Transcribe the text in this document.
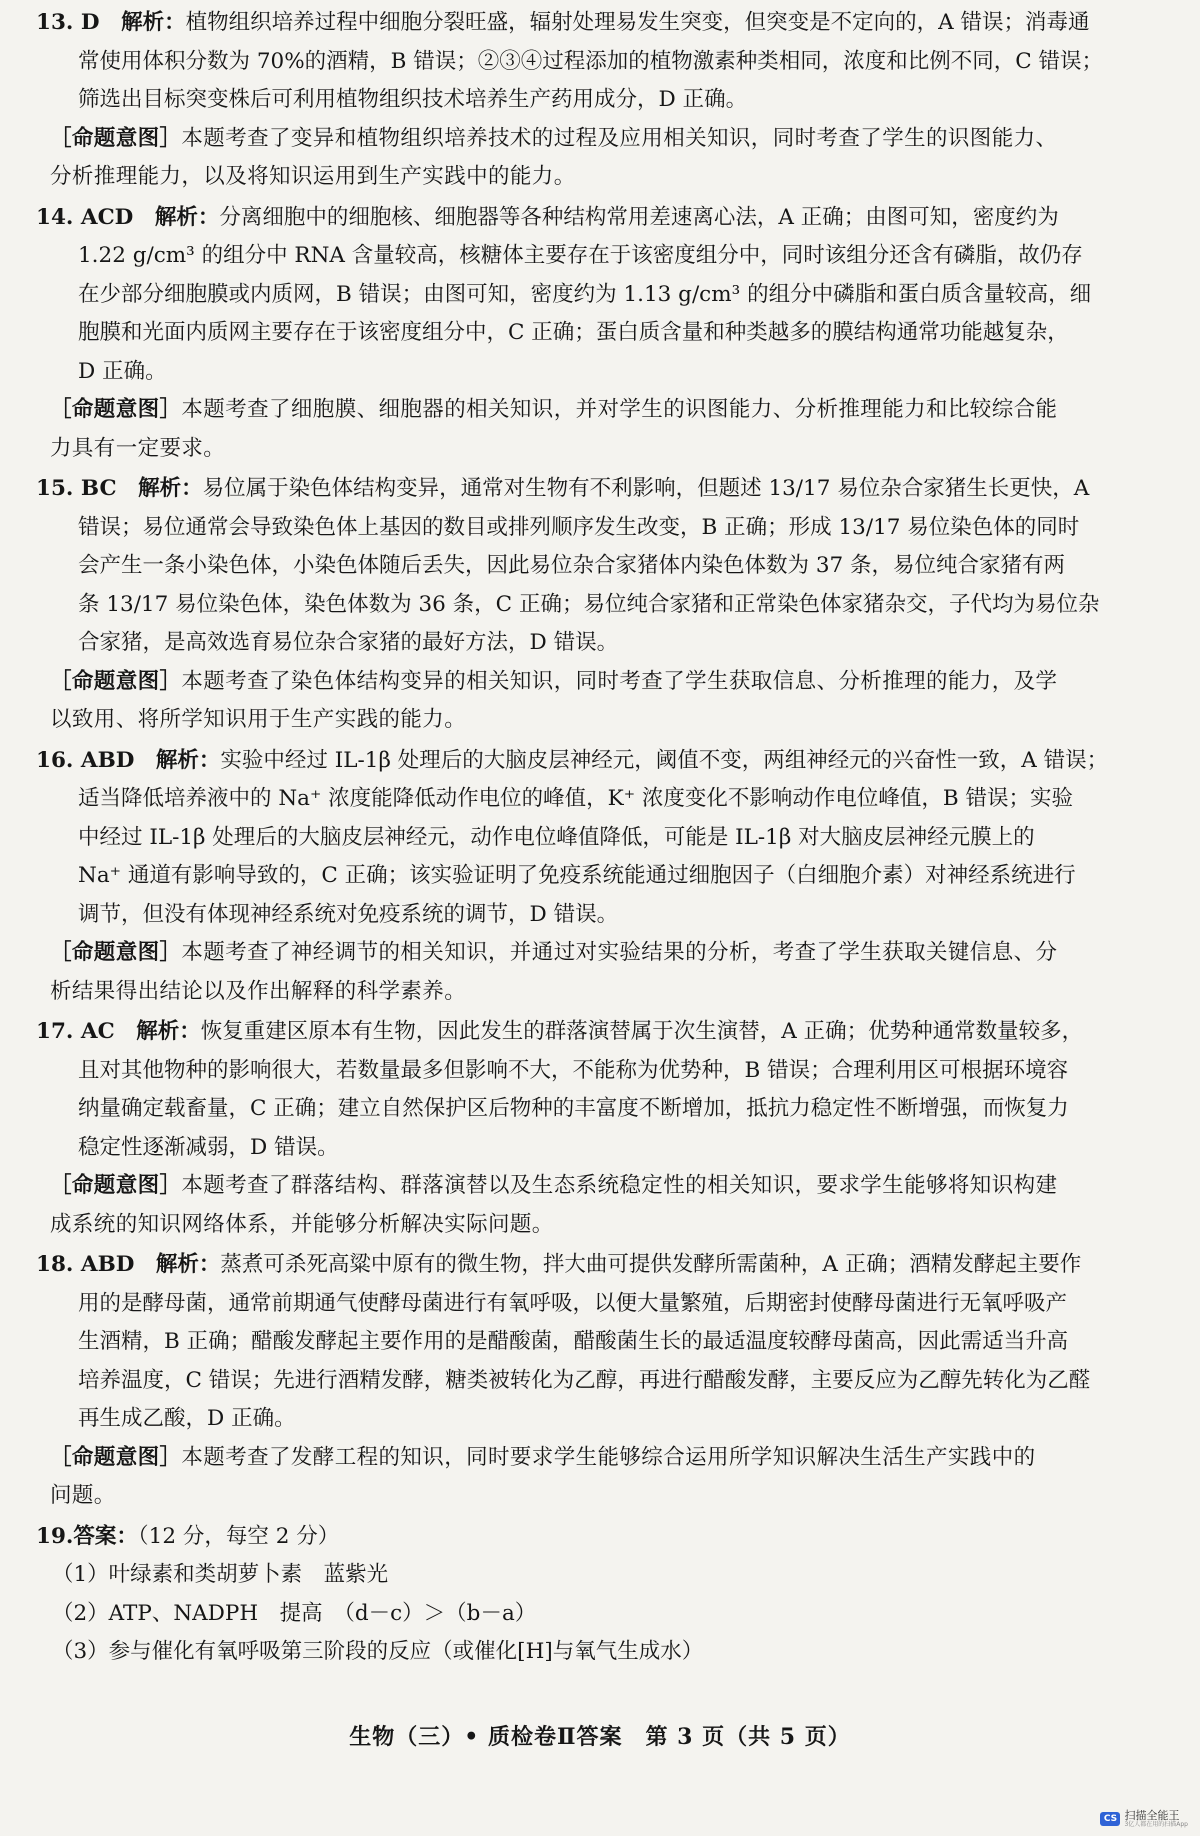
13. D　 解析：植物组织培养过程中细胞分裂旺盛，辐射处理易发生突变，但突变是不定向的，A 错误；消毒通
常使用体积分数为 70%的酒精，B 错误；②③④过程添加的植物激素种类相同，浓度和比例不同，C 错误；
筛选出目标突变株后可利用植物组织技术培养生产药用成分，D 正确。
［命题意图］本题考查了变异和植物组织培养技术的过程及应用相关知识，同时考查了学生的识图能力、
分析推理能力，以及将知识运用到生产实践中的能力。
14. ACD　 解析：分离细胞中的细胞核、细胞器等各种结构常用差速离心法，A 正确；由图可知，密度约为
1.22 g/cm³ 的组分中 RNA 含量较高，核糖体主要存在于该密度组分中，同时该组分还含有磷脂，故仍存
在少部分细胞膜或内质网，B 错误；由图可知，密度约为 1.13 g/cm³ 的组分中磷脂和蛋白质含量较高，细
胞膜和光面内质网主要存在于该密度组分中，C 正确；蛋白质含量和种类越多的膜结构通常功能越复杂，
D 正确。
［命题意图］本题考查了细胞膜、细胞器的相关知识，并对学生的识图能力、分析推理能力和比较综合能
力具有一定要求。
15. BC　 解析：易位属于染色体结构变异，通常对生物有不利影响，但题述 13/17 易位杂合家猪生长更快，A
错误；易位通常会导致染色体上基因的数目或排列顺序发生改变，B 正确；形成 13/17 易位染色体的同时
会产生一条小染色体，小染色体随后丢失，因此易位杂合家猪体内染色体数为 37 条，易位纯合家猪有两
条 13/17 易位染色体，染色体数为 36 条，C 正确；易位纯合家猪和正常染色体家猪杂交，子代均为易位杂
合家猪，是高效选育易位杂合家猪的最好方法，D 错误。
［命题意图］本题考查了染色体结构变异的相关知识，同时考查了学生获取信息、分析推理的能力，及学
以致用、将所学知识用于生产实践的能力。
16. ABD　 解析：实验中经过 IL-1β 处理后的大脑皮层神经元，阈值不变，两组神经元的兴奋性一致，A 错误；
适当降低培养液中的 Na⁺ 浓度能降低动作电位的峰值，K⁺ 浓度变化不影响动作电位峰值，B 错误；实验
中经过 IL-1β 处理后的大脑皮层神经元，动作电位峰值降低，可能是 IL-1β 对大脑皮层神经元膜上的
Na⁺ 通道有影响导致的，C 正确；该实验证明了免疫系统能通过细胞因子（白细胞介素）对神经系统进行
调节，但没有体现神经系统对免疫系统的调节，D 错误。
［命题意图］本题考查了神经调节的相关知识，并通过对实验结果的分析，考查了学生获取关键信息、分
析结果得出结论以及作出解释的科学素养。
17. AC　 解析：恢复重建区原本有生物，因此发生的群落演替属于次生演替，A 正确；优势种通常数量较多，
且对其他物种的影响很大，若数量最多但影响不大，不能称为优势种，B 错误；合理利用区可根据环境容
纳量确定载畜量，C 正确；建立自然保护区后物种的丰富度不断增加，抵抗力稳定性不断增强，而恢复力
稳定性逐渐减弱，D 错误。
［命题意图］本题考查了群落结构、群落演替以及生态系统稳定性的相关知识，要求学生能够将知识构建
成系统的知识网络体系，并能够分析解决实际问题。
18. ABD　 解析：蒸煮可杀死高粱中原有的微生物，拌大曲可提供发酵所需菌种，A 正确；酒精发酵起主要作
用的是酵母菌，通常前期通气使酵母菌进行有氧呼吸，以便大量繁殖，后期密封使酵母菌进行无氧呼吸产
生酒精，B 正确；醋酸发酵起主要作用的是醋酸菌，醋酸菌生长的最适温度较酵母菌高，因此需适当升高
培养温度，C 错误；先进行酒精发酵，糖类被转化为乙醇，再进行醋酸发酵，主要反应为乙醇先转化为乙醛
再生成乙酸，D 正确。
［命题意图］本题考查了发酵工程的知识，同时要求学生能够综合运用所学知识解决生活生产实践中的
问题。
19.答案：（12 分，每空 2 分）
（1）叶绿素和类胡萝卜素　蓝紫光
（2）ATP、NADPH　提高　（d－c）＞（b－a）
（3）参与催化有氧呼吸第三阶段的反应（或催化[H]与氧气生成水）
生物（三）• 质检卷Ⅱ答案　第 3 页（共 5 页）
CS 扫描全能王
3亿人都在用的扫描App
